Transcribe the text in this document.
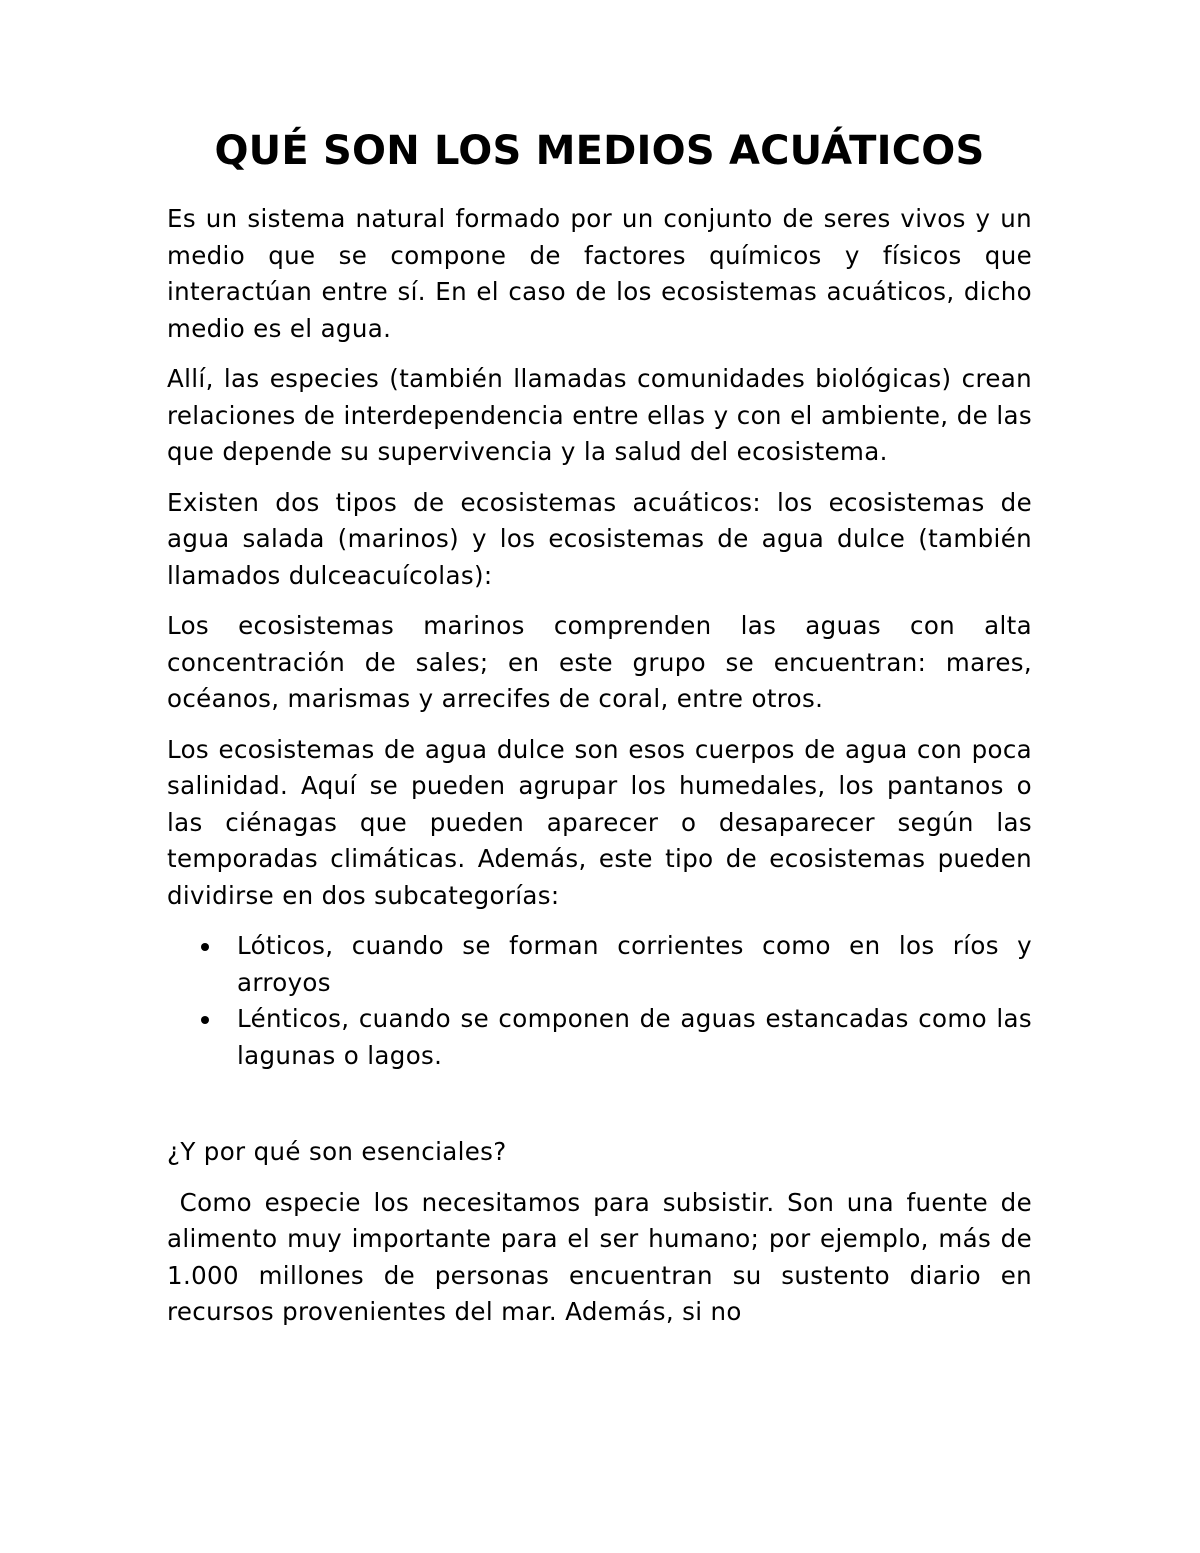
QUÉ SON LOS MEDIOS ACUÁTICOS

Es un sistema natural formado por un conjunto de seres vivos y un medio que se compone de factores químicos y físicos que interactúan entre sí. En el caso de los ecosistemas acuáticos, dicho medio es el agua.

Allí, las especies (también llamadas comunidades biológicas) crean relaciones de interdependencia entre ellas y con el ambiente, de las que depende su supervivencia y la salud del ecosistema.

Existen dos tipos de ecosistemas acuáticos: los ecosistemas de agua salada (marinos) y los ecosistemas de agua dulce (también llamados dulceacuícolas):

Los ecosistemas marinos comprenden las aguas con alta concentración de sales; en este grupo se encuentran: mares, océanos, marismas y arrecifes de coral, entre otros.

Los ecosistemas de agua dulce son esos cuerpos de agua con poca salinidad. Aquí se pueden agrupar los humedales, los pantanos o las ciénagas que pueden aparecer o desaparecer según las temporadas climáticas. Además, este tipo de ecosistemas pueden dividirse en dos subcategorías:

Lóticos, cuando se forman corrientes como en los ríos y arroyos
Lénticos, cuando se componen de aguas estancadas como las lagunas o lagos.

¿Y por qué son esenciales?

Como especie los necesitamos para subsistir. Son una fuente de alimento muy importante para el ser humano; por ejemplo, más de 1.000 millones de personas encuentran su sustento diario en recursos provenientes del mar. Además, si no
